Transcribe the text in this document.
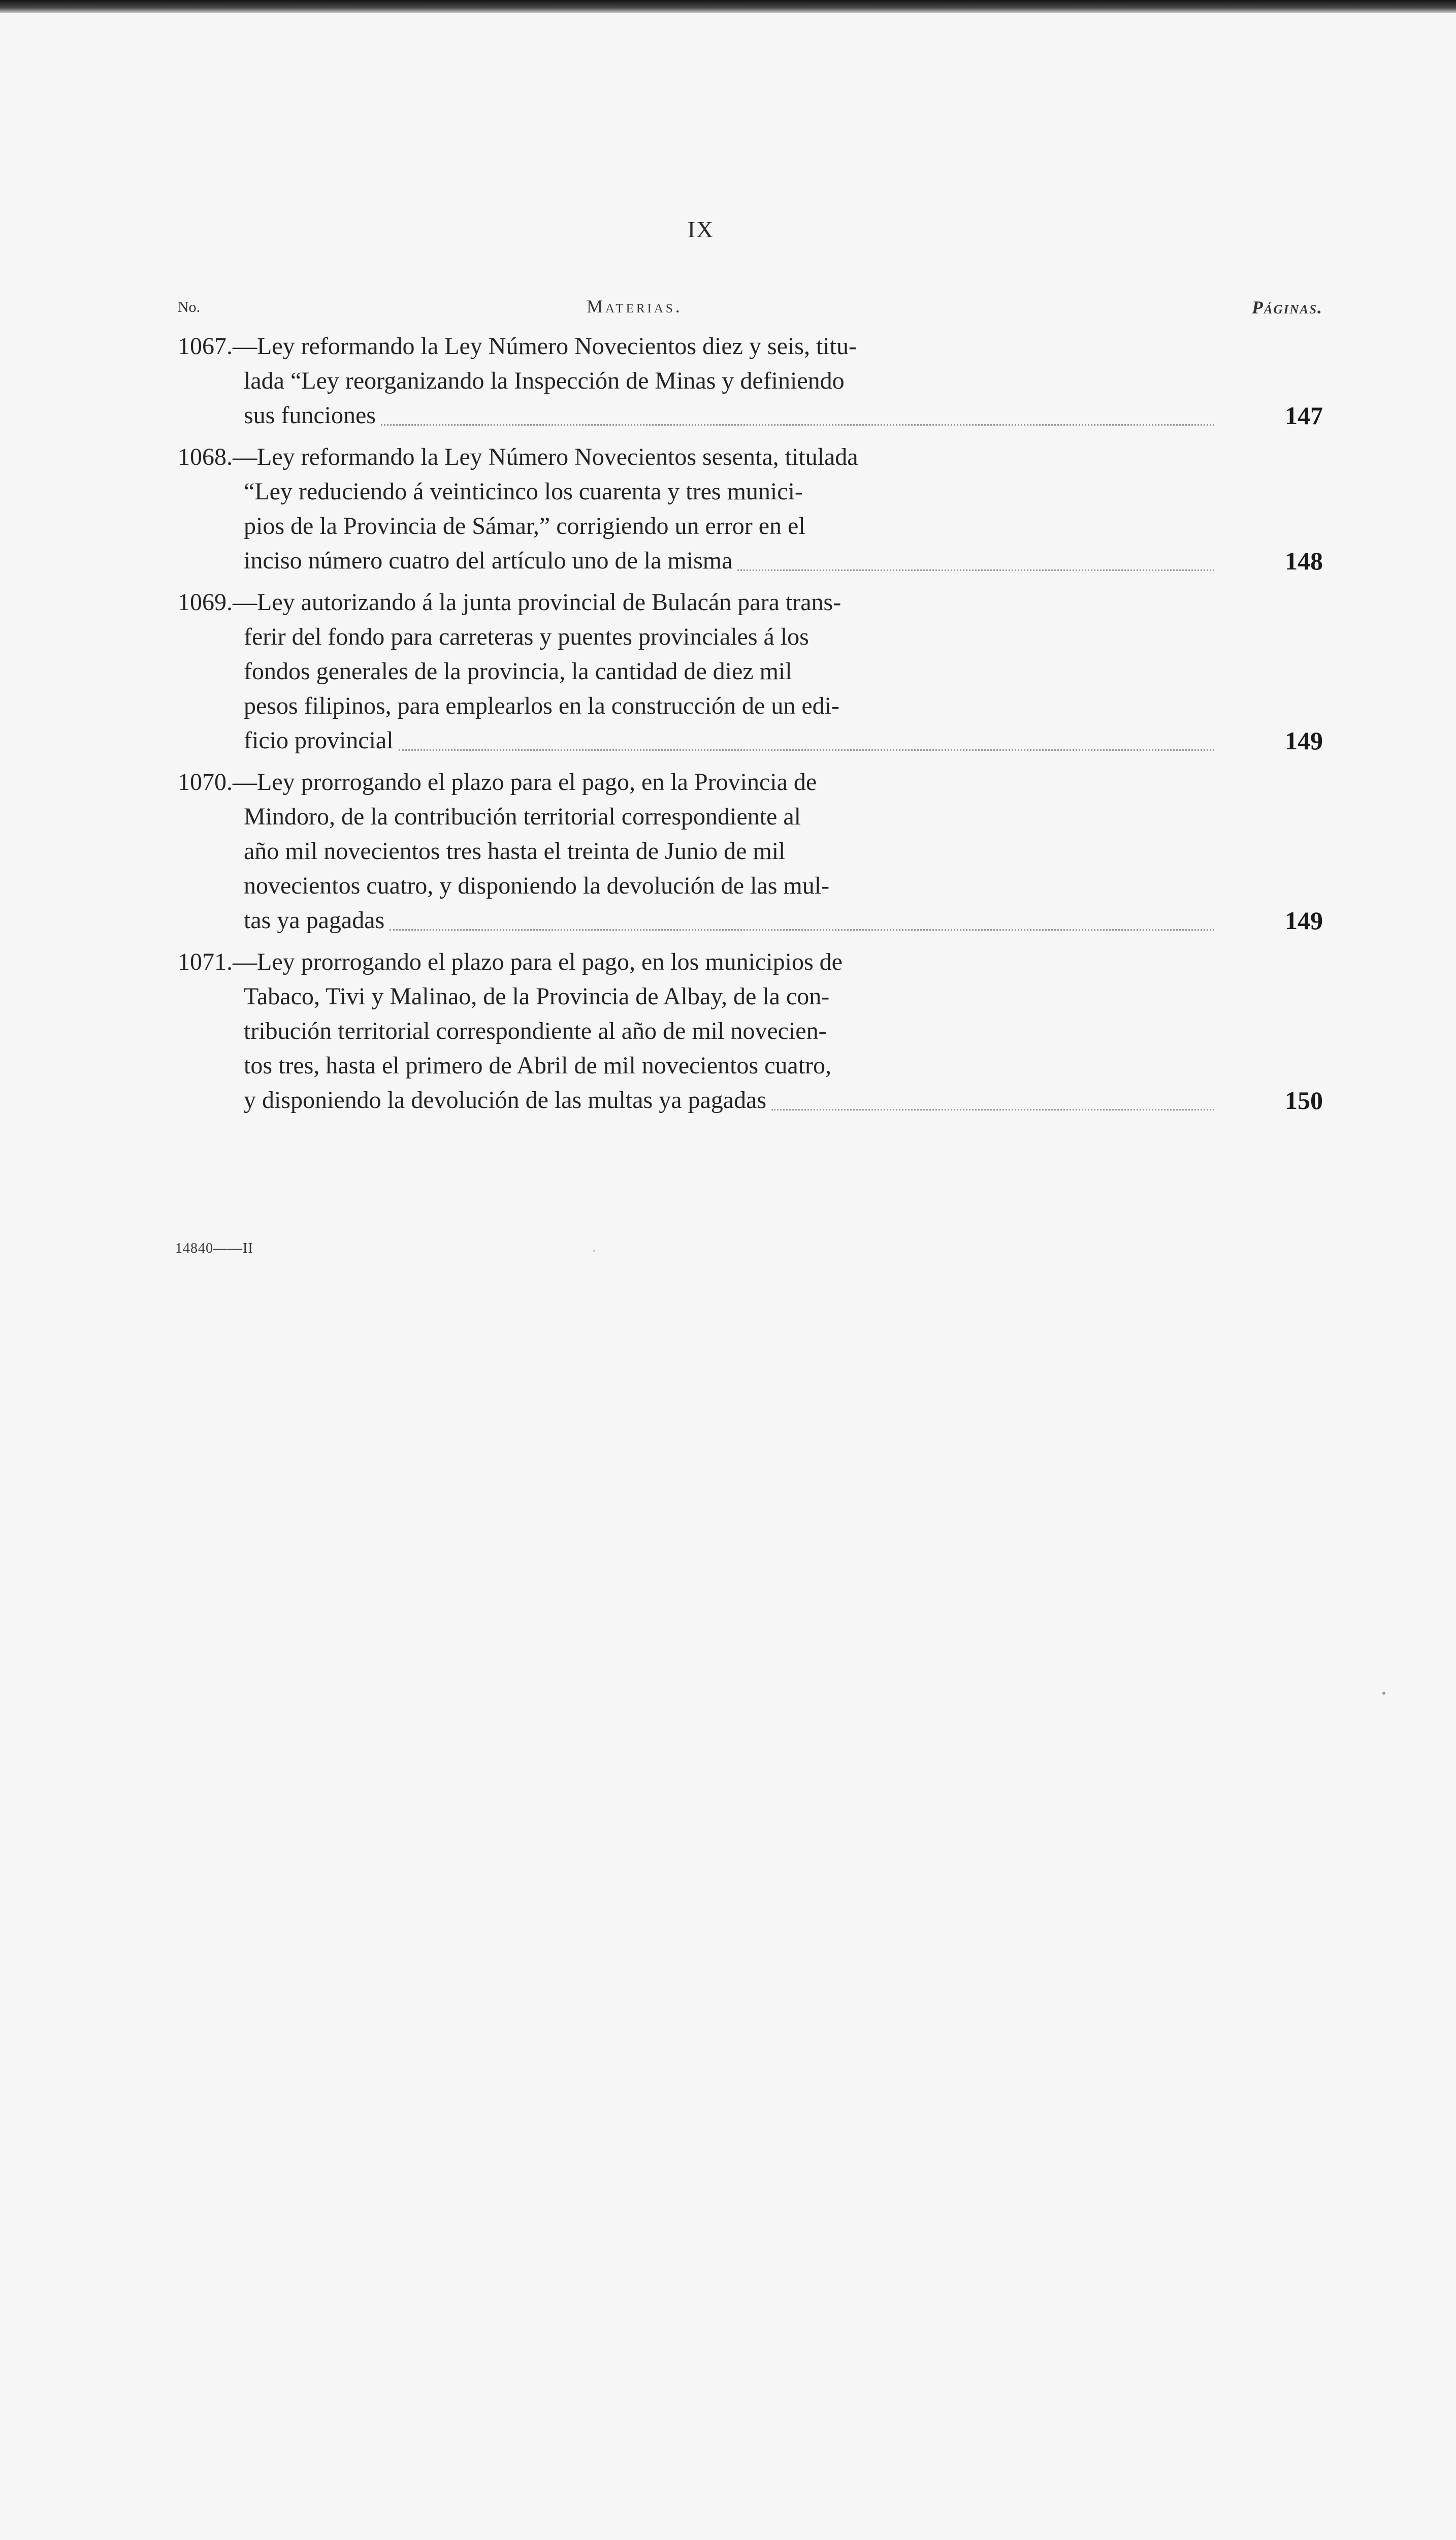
IX
No.	Materias.	Páginas.
1067.—Ley reformando la Ley Número Novecientos diez y seis, titu-
lada “Ley reorganizando la Inspección de Minas y definiendo
sus funciones	147
1068.—Ley reformando la Ley Número Novecientos sesenta, titulada
“Ley reduciendo á veinticinco los cuarenta y tres munici-
pios de la Provincia de Sámar,” corrigiendo un error en el
inciso número cuatro del artículo uno de la misma	148
1069.—Ley autorizando á la junta provincial de Bulacán para trans-
ferir del fondo para carreteras y puentes provinciales á los
fondos generales de la provincia, la cantidad de diez mil
pesos filipinos, para emplearlos en la construcción de un edi-
ficio provincial	149
1070.—Ley prorrogando el plazo para el pago, en la Provincia de
Mindoro, de la contribución territorial correspondiente al
año mil novecientos tres hasta el treinta de Junio de mil
novecientos cuatro, y disponiendo la devolución de las mul-
tas ya pagadas	149
1071.—Ley prorrogando el plazo para el pago, en los municipios de
Tabaco, Tivi y Malinao, de la Provincia de Albay, de la con-
tribución territorial correspondiente al año de mil novecien-
tos tres, hasta el primero de Abril de mil novecientos cuatro,
y disponiendo la devolución de las multas ya pagadas	150
14840——II
